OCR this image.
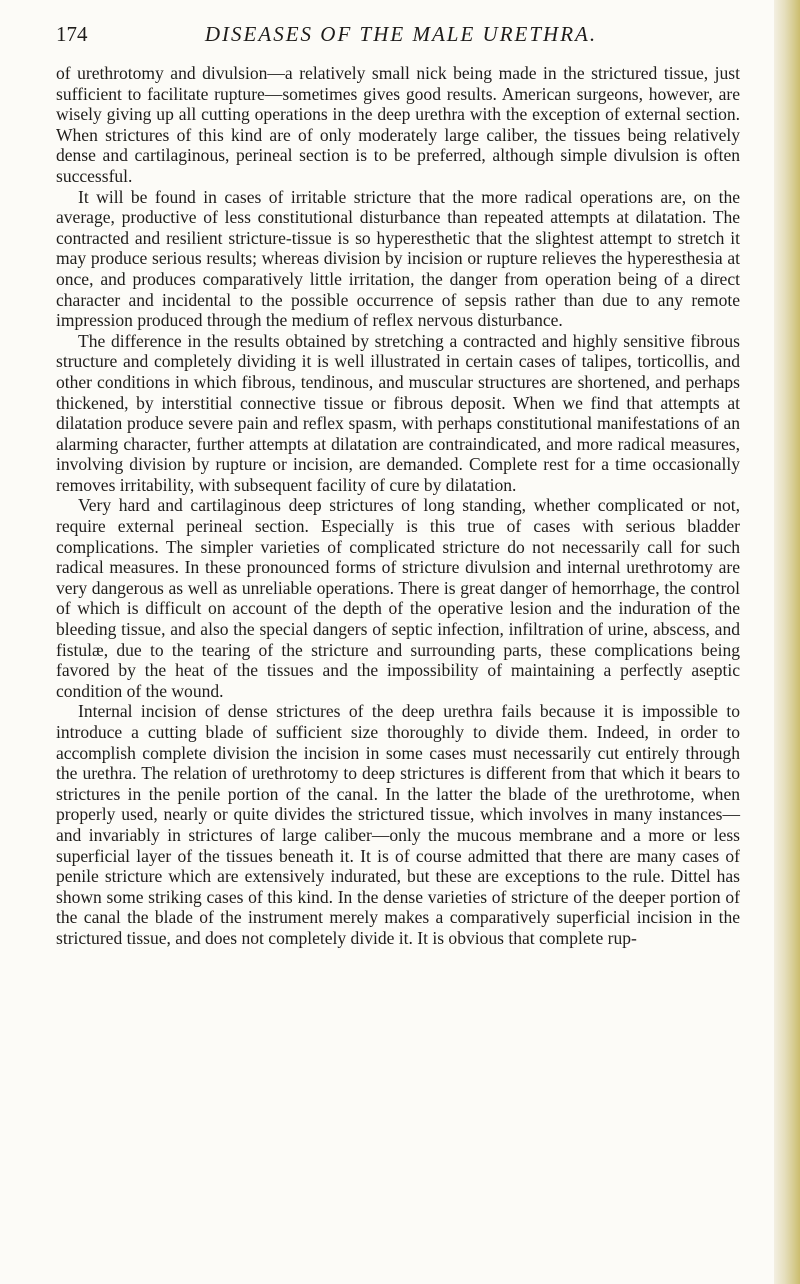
174	DISEASES OF THE MALE URETHRA.

of urethrotomy and divulsion—a relatively small nick being made in the strictured tissue, just sufficient to facilitate rupture—sometimes gives good results. American surgeons, however, are wisely giving up all cutting operations in the deep urethra with the exception of external section. When strictures of this kind are of only moderately large caliber, the tissues being relatively dense and cartilaginous, perineal section is to be preferred, although simple divulsion is often successful.

It will be found in cases of irritable stricture that the more radical operations are, on the average, productive of less constitutional disturbance than repeated attempts at dilatation. The contracted and resilient stricture-tissue is so hyperesthetic that the slightest attempt to stretch it may produce serious results; whereas division by incision or rupture relieves the hyperesthesia at once, and produces comparatively little irritation, the danger from operation being of a direct character and incidental to the possible occurrence of sepsis rather than due to any remote impression produced through the medium of reflex nervous disturbance.

The difference in the results obtained by stretching a contracted and highly sensitive fibrous structure and completely dividing it is well illustrated in certain cases of talipes, torticollis, and other conditions in which fibrous, tendinous, and muscular structures are shortened, and perhaps thickened, by interstitial connective tissue or fibrous deposit. When we find that attempts at dilatation produce severe pain and reflex spasm, with perhaps constitutional manifestations of an alarming character, further attempts at dilatation are contraindicated, and more radical measures, involving division by rupture or incision, are demanded. Complete rest for a time occasionally removes irritability, with subsequent facility of cure by dilatation.

Very hard and cartilaginous deep strictures of long standing, whether complicated or not, require external perineal section. Especially is this true of cases with serious bladder complications. The simpler varieties of complicated stricture do not necessarily call for such radical measures. In these pronounced forms of stricture divulsion and internal urethrotomy are very dangerous as well as unreliable operations. There is great danger of hemorrhage, the control of which is difficult on account of the depth of the operative lesion and the induration of the bleeding tissue, and also the special dangers of septic infection, infiltration of urine, abscess, and fistulæ, due to the tearing of the stricture and surrounding parts, these complications being favored by the heat of the tissues and the impossibility of maintaining a perfectly aseptic condition of the wound.

Internal incision of dense strictures of the deep urethra fails because it is impossible to introduce a cutting blade of sufficient size thoroughly to divide them. Indeed, in order to accomplish complete division the incision in some cases must necessarily cut entirely through the urethra. The relation of urethrotomy to deep strictures is different from that which it bears to strictures in the penile portion of the canal. In the latter the blade of the urethrotome, when properly used, nearly or quite divides the strictured tissue, which involves in many instances—and invariably in strictures of large caliber—only the mucous membrane and a more or less superficial layer of the tissues beneath it. It is of course admitted that there are many cases of penile stricture which are extensively indurated, but these are exceptions to the rule. Dittel has shown some striking cases of this kind. In the dense varieties of stricture of the deeper portion of the canal the blade of the instrument merely makes a comparatively superficial incision in the strictured tissue, and does not completely divide it. It is obvious that complete rup-
